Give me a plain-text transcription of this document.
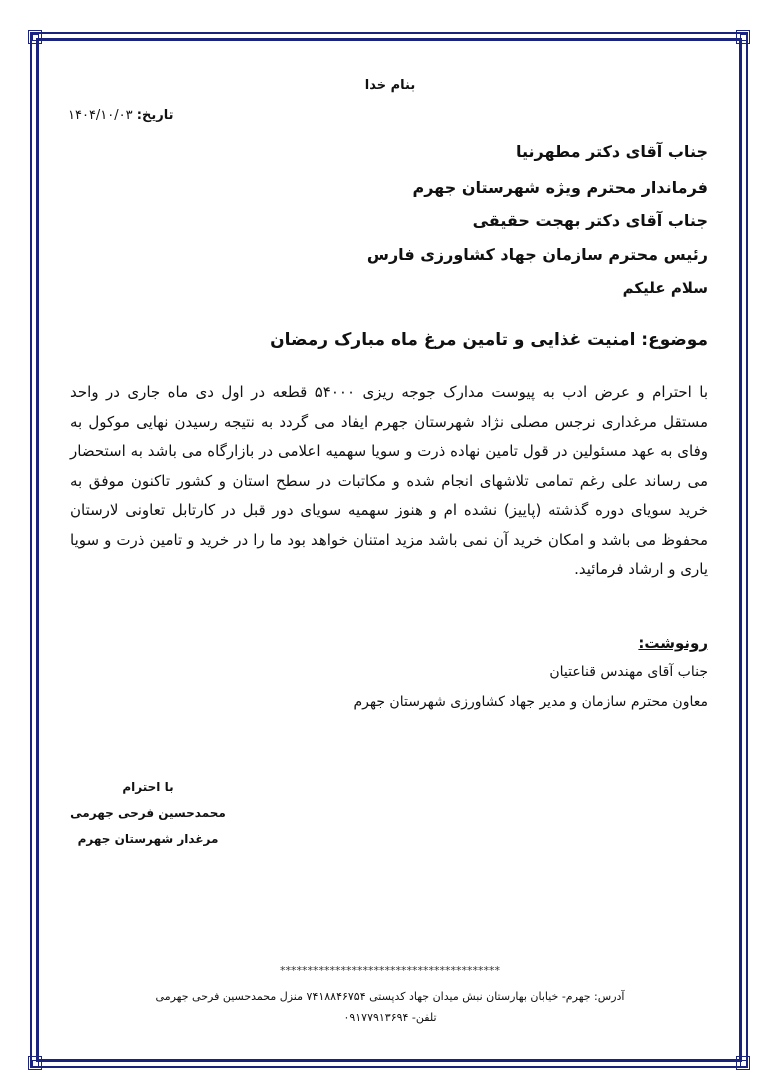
بنام خدا
تاریخ: ۱۴۰۴/۱۰/۰۳
جناب آقای دکتر مطهرنیا
فرماندار محترم ویژه شهرستان جهرم
جناب آقای دکتر بهجت حقیقی
رئیس محترم سازمان جهاد کشاورزی فارس
سلام علیکم
موضوع: امنیت غذایی و تامین مرغ ماه مبارک رمضان
با احترام و عرض ادب به پیوست مدارک جوجه ریزی ۵۴۰۰۰ قطعه در اول دی ماه جاری در واحد مستقل مرغداری نرجس مصلی نژاد شهرستان جهرم ایفاد می گردد به نتیجه رسیدن نهایی موکول به وفای به عهد مسئولین در قول تامین نهاده ذرت و سویا سهمیه اعلامی در بازارگاه می باشد به استحضار می رساند علی رغم تمامی تلاشهای انجام شده و مکاتبات در سطح استان و کشور تاکنون موفق به خرید سویای دوره گذشته (پاییز) نشده ام و هنوز سهمیه سویای دور قبل در کارتابل تعاونی لارستان محفوظ می باشد و امکان خرید آن نمی باشد مزید امتنان خواهد بود ما را در خرید و تامین ذرت و سویا یاری و ارشاد فرمائید.
رونوشت:
جناب آقای مهندس قناعتیان
معاون محترم سازمان و مدیر جهاد کشاورزی شهرستان جهرم
با احترام
محمدحسین فرحی جهرمی
مرغدار شهرستان جهرم
****************************************
آدرس: جهرم- خیابان بهارستان نبش میدان جهاد کدپستی ۷۴۱۸۸۴۶۷۵۴ منزل محمدحسین فرحی جهرمی
تلفن- ۰۹۱۷۷۹۱۳۶۹۴
